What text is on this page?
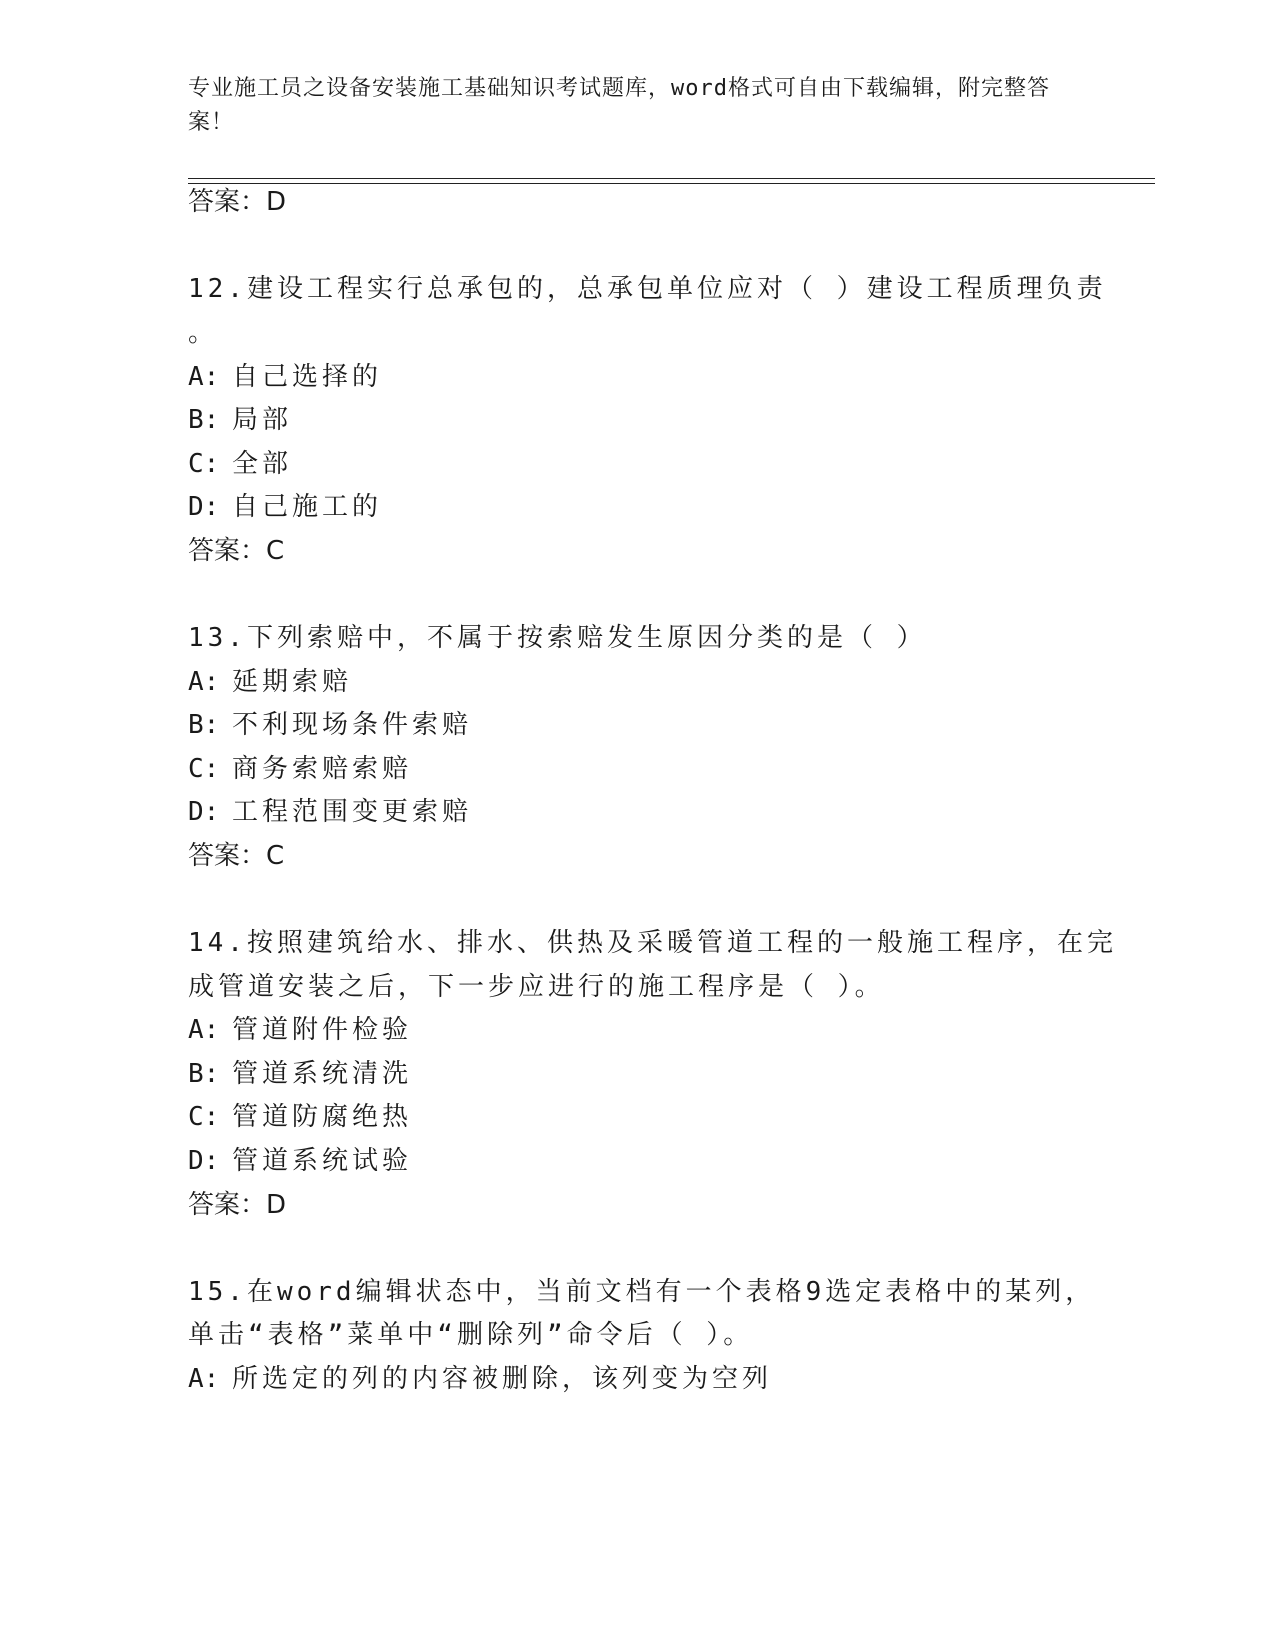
专业施工员之设备安装施工基础知识考试题库，word格式可自由下载编辑，附完整答案！
答案：D
12.建设工程实行总承包的，总承包单位应对（ ）建设工程质理负责
。
A: 自己选择的
B: 局部
C: 全部
D: 自己施工的
答案：C
13.下列索赔中，不属于按索赔发生原因分类的是（ ）
A: 延期索赔
B: 不利现场条件索赔
C: 商务索赔索赔
D: 工程范围变更索赔
答案：C
14.按照建筑给水、排水、供热及采暖管道工程的一般施工程序，在完
成管道安装之后，下一步应进行的施工程序是（ ）。
A: 管道附件检验
B: 管道系统清洗
C: 管道防腐绝热
D: 管道系统试验
答案：D
15.在word编辑状态中，当前文档有一个表格9选定表格中的某列，
单击“表格”菜单中“删除列”命令后（ ）。
A: 所选定的列的内容被删除，该列变为空列
